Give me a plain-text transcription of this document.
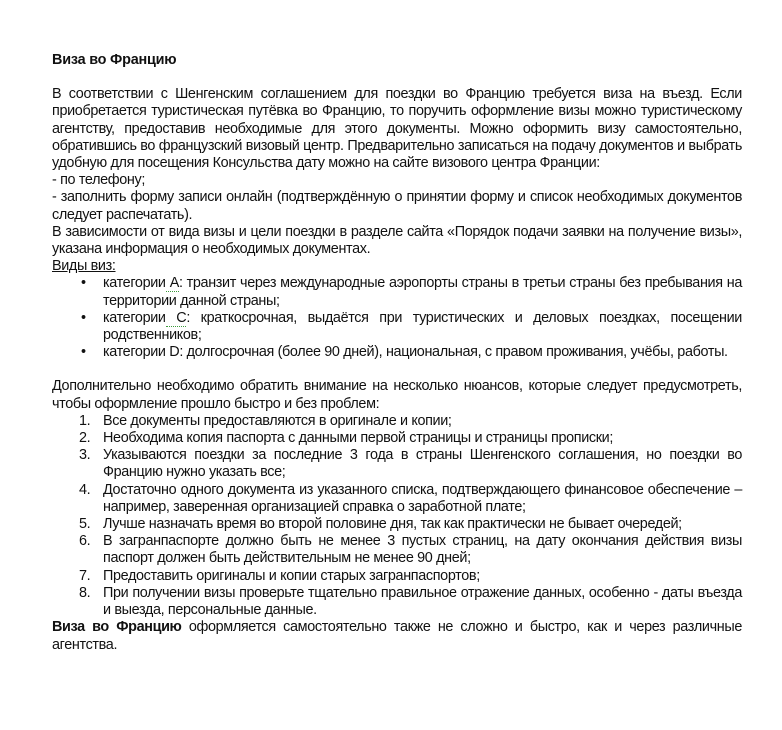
Виза во Францию

В соответствии с Шенгенским соглашением для поездки во Францию требуется виза на въезд. Если приобретается туристическая путёвка во Францию, то поручить оформление визы можно туристическому агентству, предоставив необходимые для этого документы. Можно оформить визу самостоятельно, обратившись во французский визовый центр. Предварительно записаться на подачу документов и выбрать удобную для посещения Консульства дату можно на сайте визового центра Франции:

- по телефону;

- заполнить форму записи онлайн (подтверждённую о принятии форму и список необходимых документов следует распечатать).

В зависимости от вида визы и цели поездки в разделе сайта «Порядок подачи заявки на получение визы», указана информация о необходимых документах.

Виды виз:

• категории А: транзит через международные аэропорты страны в третьи страны без пребывания на территории данной страны;
• категории С: краткосрочная, выдаётся при туристических и деловых поездках, посещении родственников;
• категории D: долгосрочная (более 90 дней), национальная, с правом проживания, учёбы, работы.

Дополнительно необходимо обратить внимание на несколько нюансов, которые следует предусмотреть, чтобы оформление прошло быстро и без проблем:

1. Все документы предоставляются в оригинале и копии;
2. Необходима копия паспорта с данными первой страницы и страницы прописки;
3. Указываются поездки за последние 3 года в страны Шенгенского соглашения, но поездки во Францию нужно указать все;
4. Достаточно одного документа из указанного списка, подтверждающего финансовое обеспечение – например, заверенная организацией справка о заработной плате;
5. Лучше назначать время во второй половине дня, так как практически не бывает очередей;
6. В загранпаспорте должно быть не менее 3 пустых страниц, на дату окончания действия визы паспорт должен быть действительным не менее 90 дней;
7. Предоставить оригиналы и копии старых загранпаспортов;
8. При получении визы проверьте тщательно правильное отражение данных, особенно - даты въезда и выезда, персональные данные.

Виза во Францию оформляется самостоятельно также не сложно и быстро, как и через различные агентства.
